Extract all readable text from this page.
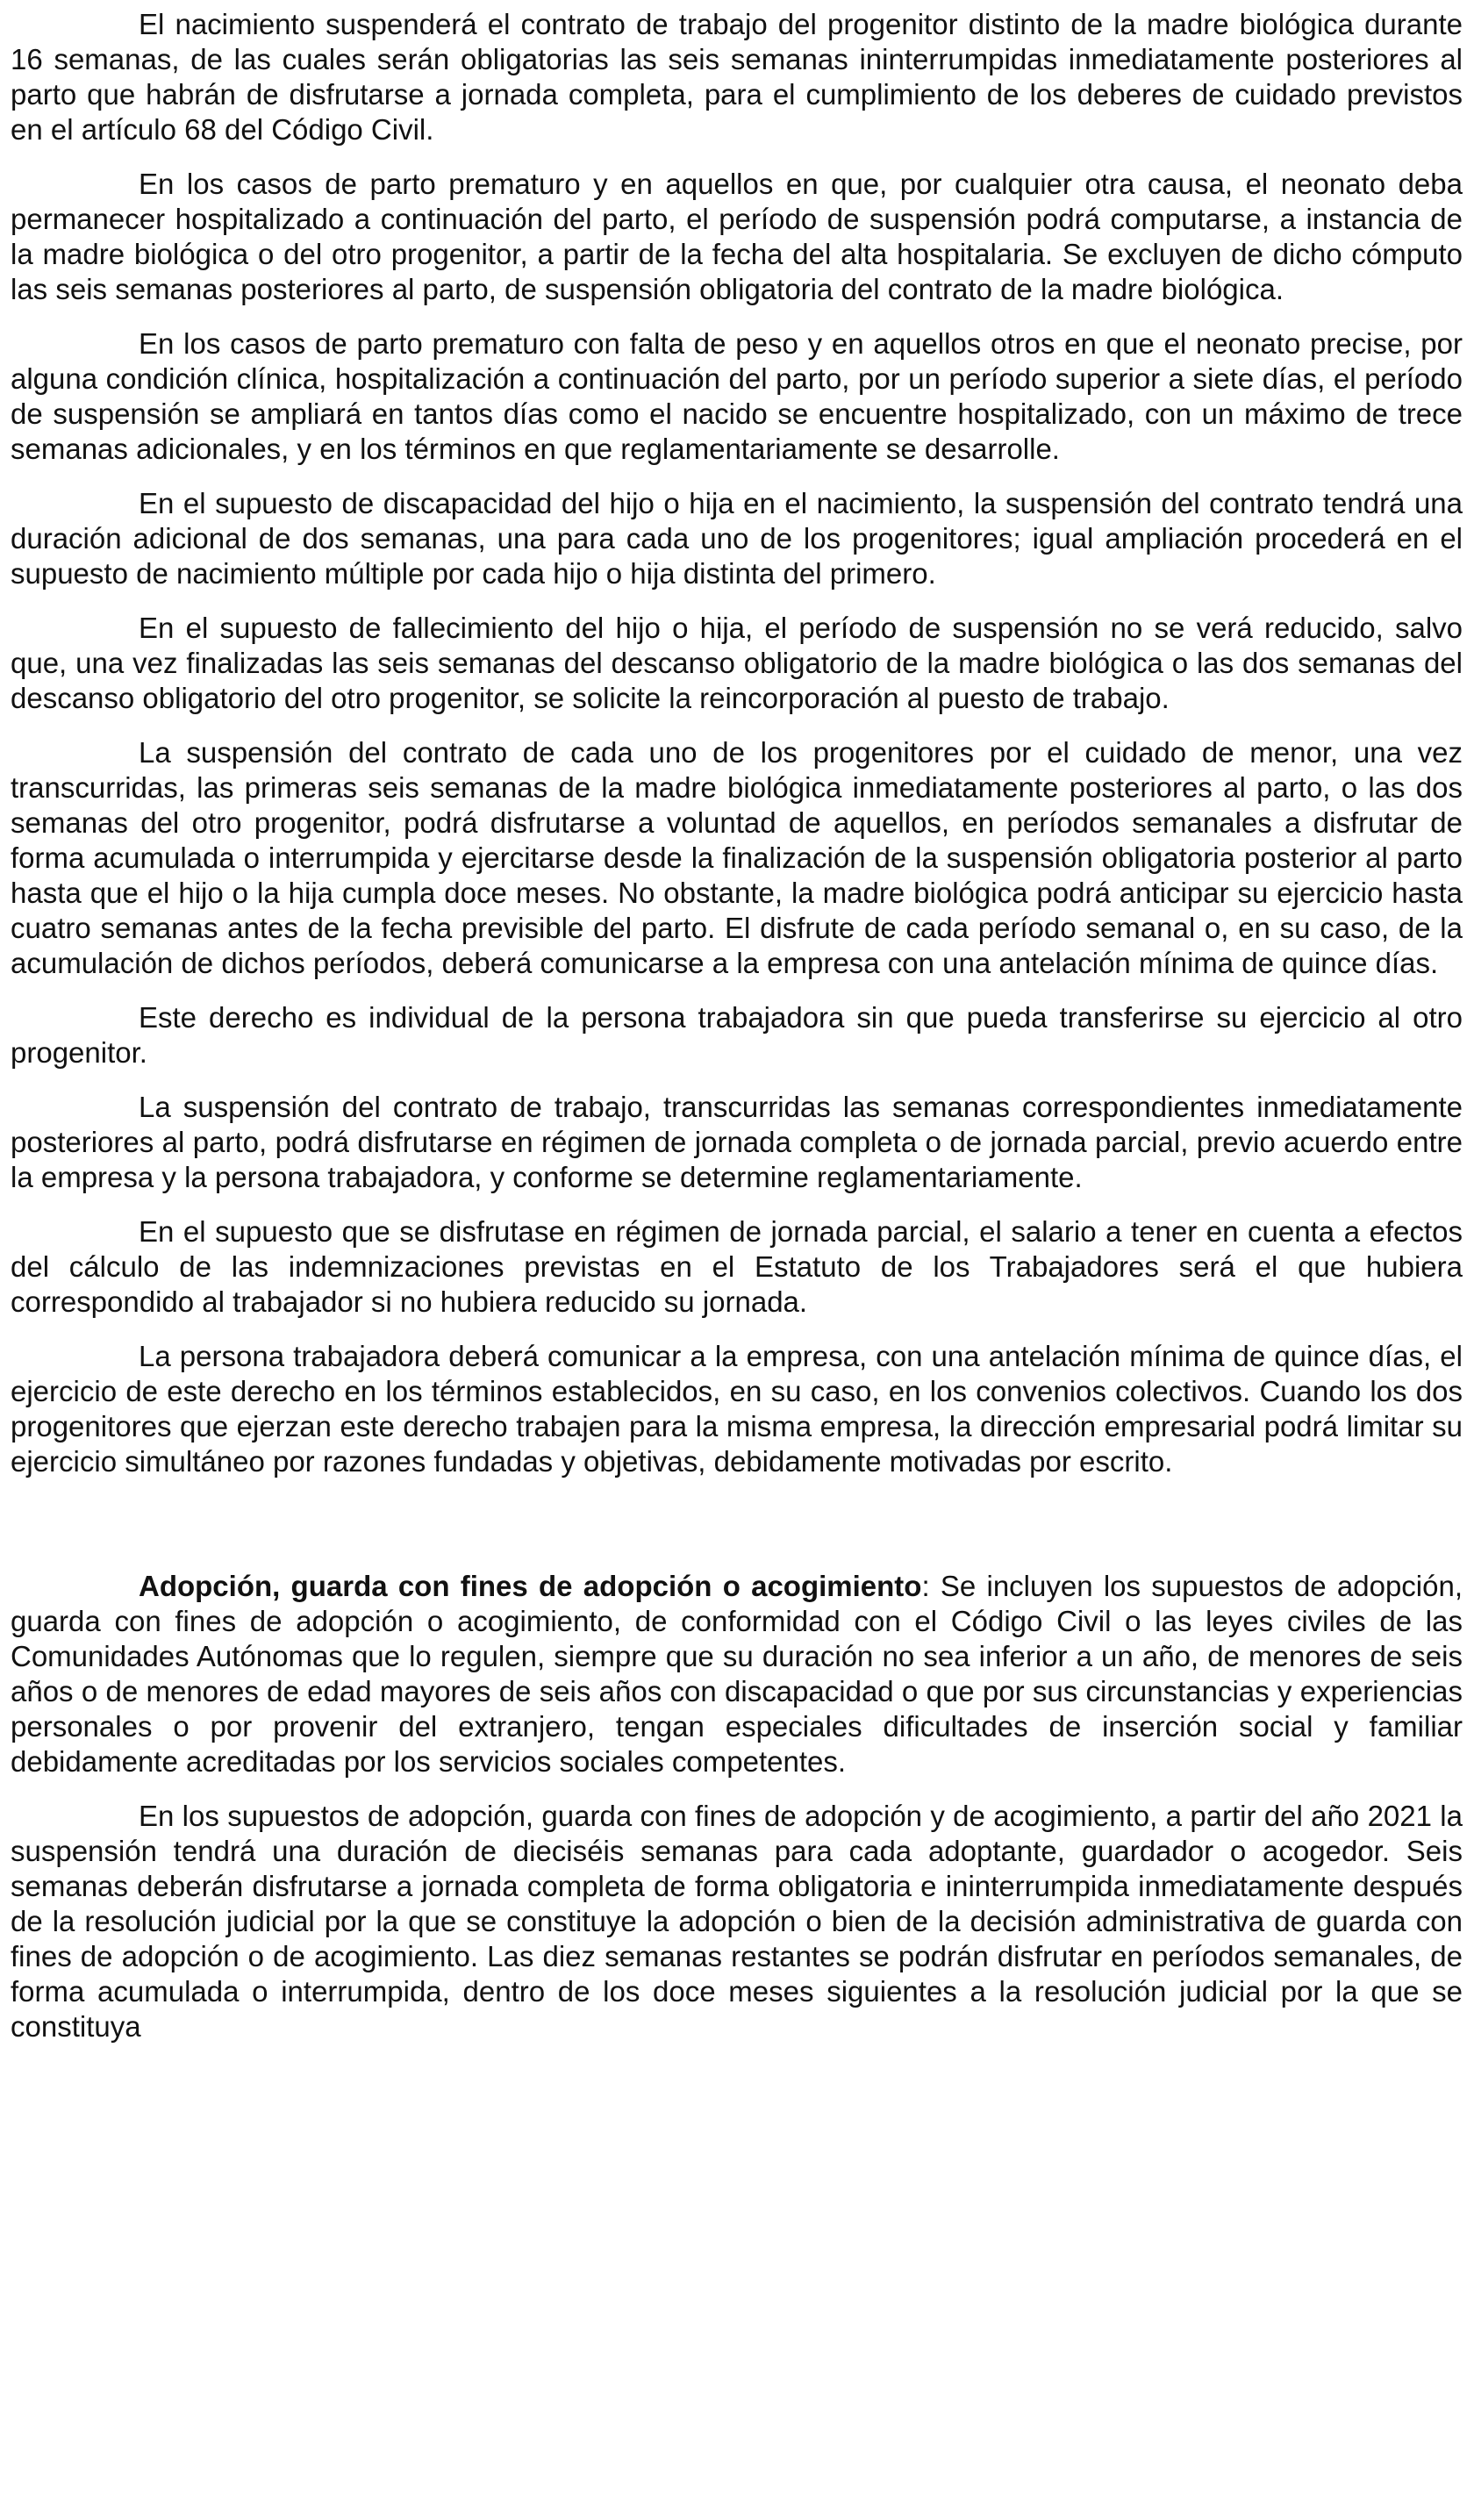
El nacimiento suspenderá el contrato de trabajo del progenitor distinto de la madre biológica durante 16 semanas, de las cuales serán obligatorias las seis semanas ininterrumpidas inmediatamente posteriores al parto que habrán de disfrutarse a jornada completa, para el cumplimiento de los deberes de cuidado previstos en el artículo 68 del Código Civil.

En los casos de parto prematuro y en aquellos en que, por cualquier otra causa, el neonato deba permanecer hospitalizado a continuación del parto, el período de suspensión podrá computarse, a instancia de la madre biológica o del otro progenitor, a partir de la fecha del alta hospitalaria. Se excluyen de dicho cómputo las seis semanas posteriores al parto, de suspensión obligatoria del contrato de la madre biológica.

En los casos de parto prematuro con falta de peso y en aquellos otros en que el neonato precise, por alguna condición clínica, hospitalización a continuación del parto, por un período superior a siete días, el período de suspensión se ampliará en tantos días como el nacido se encuentre hospitalizado, con un máximo de trece semanas adicionales, y en los términos en que reglamentariamente se desarrolle.

En el supuesto de discapacidad del hijo o hija en el nacimiento, la suspensión del contrato tendrá una duración adicional de dos semanas, una para cada uno de los progenitores; igual ampliación procederá en el supuesto de nacimiento múltiple por cada hijo o hija distinta del primero.

En el supuesto de fallecimiento del hijo o hija, el período de suspensión no se verá reducido, salvo que, una vez finalizadas las seis semanas del descanso obligatorio de la madre biológica o las dos semanas del descanso obligatorio del otro progenitor, se solicite la reincorporación al puesto de trabajo.

La suspensión del contrato de cada uno de los progenitores por el cuidado de menor, una vez transcurridas, las primeras seis semanas de la madre biológica inmediatamente posteriores al parto, o las dos semanas del otro progenitor, podrá disfrutarse a voluntad de aquellos, en períodos semanales a disfrutar de forma acumulada o interrumpida y ejercitarse desde la finalización de la suspensión obligatoria posterior al parto hasta que el hijo o la hija cumpla doce meses. No obstante, la madre biológica podrá anticipar su ejercicio hasta cuatro semanas antes de la fecha previsible del parto. El disfrute de cada período semanal o, en su caso, de la acumulación de dichos períodos, deberá comunicarse a la empresa con una antelación mínima de quince días.

Este derecho es individual de la persona trabajadora sin que pueda transferirse su ejercicio al otro progenitor.

La suspensión del contrato de trabajo, transcurridas las semanas correspondientes inmediatamente posteriores al parto, podrá disfrutarse en régimen de jornada completa o de jornada parcial, previo acuerdo entre la empresa y la persona trabajadora, y conforme se determine reglamentariamente.

En el supuesto que se disfrutase en régimen de jornada parcial, el salario a tener en cuenta a efectos del cálculo de las indemnizaciones previstas en el Estatuto de los Trabajadores será el que hubiera correspondido al trabajador si no hubiera reducido su jornada.

La persona trabajadora deberá comunicar a la empresa, con una antelación mínima de quince días, el ejercicio de este derecho en los términos establecidos, en su caso, en los convenios colectivos. Cuando los dos progenitores que ejerzan este derecho trabajen para la misma empresa, la dirección empresarial podrá limitar su ejercicio simultáneo por razones fundadas y objetivas, debidamente motivadas por escrito.

Adopción, guarda con fines de adopción o acogimiento: Se incluyen los supuestos de adopción, guarda con fines de adopción o acogimiento, de conformidad con el Código Civil o las leyes civiles de las Comunidades Autónomas que lo regulen, siempre que su duración no sea inferior a un año, de menores de seis años o de menores de edad mayores de seis años con discapacidad o que por sus circunstancias y experiencias personales o por provenir del extranjero, tengan especiales dificultades de inserción social y familiar debidamente acreditadas por los servicios sociales competentes.

En los supuestos de adopción, guarda con fines de adopción y de acogimiento, a partir del año 2021 la suspensión tendrá una duración de dieciséis semanas para cada adoptante, guardador o acogedor. Seis semanas deberán disfrutarse a jornada completa de forma obligatoria e ininterrumpida inmediatamente después de la resolución judicial por la que se constituye la adopción o bien de la decisión administrativa de guarda con fines de adopción o de acogimiento. Las diez semanas restantes se podrán disfrutar en períodos semanales, de forma acumulada o interrumpida, dentro de los doce meses siguientes a la resolución judicial por la que se constituya
